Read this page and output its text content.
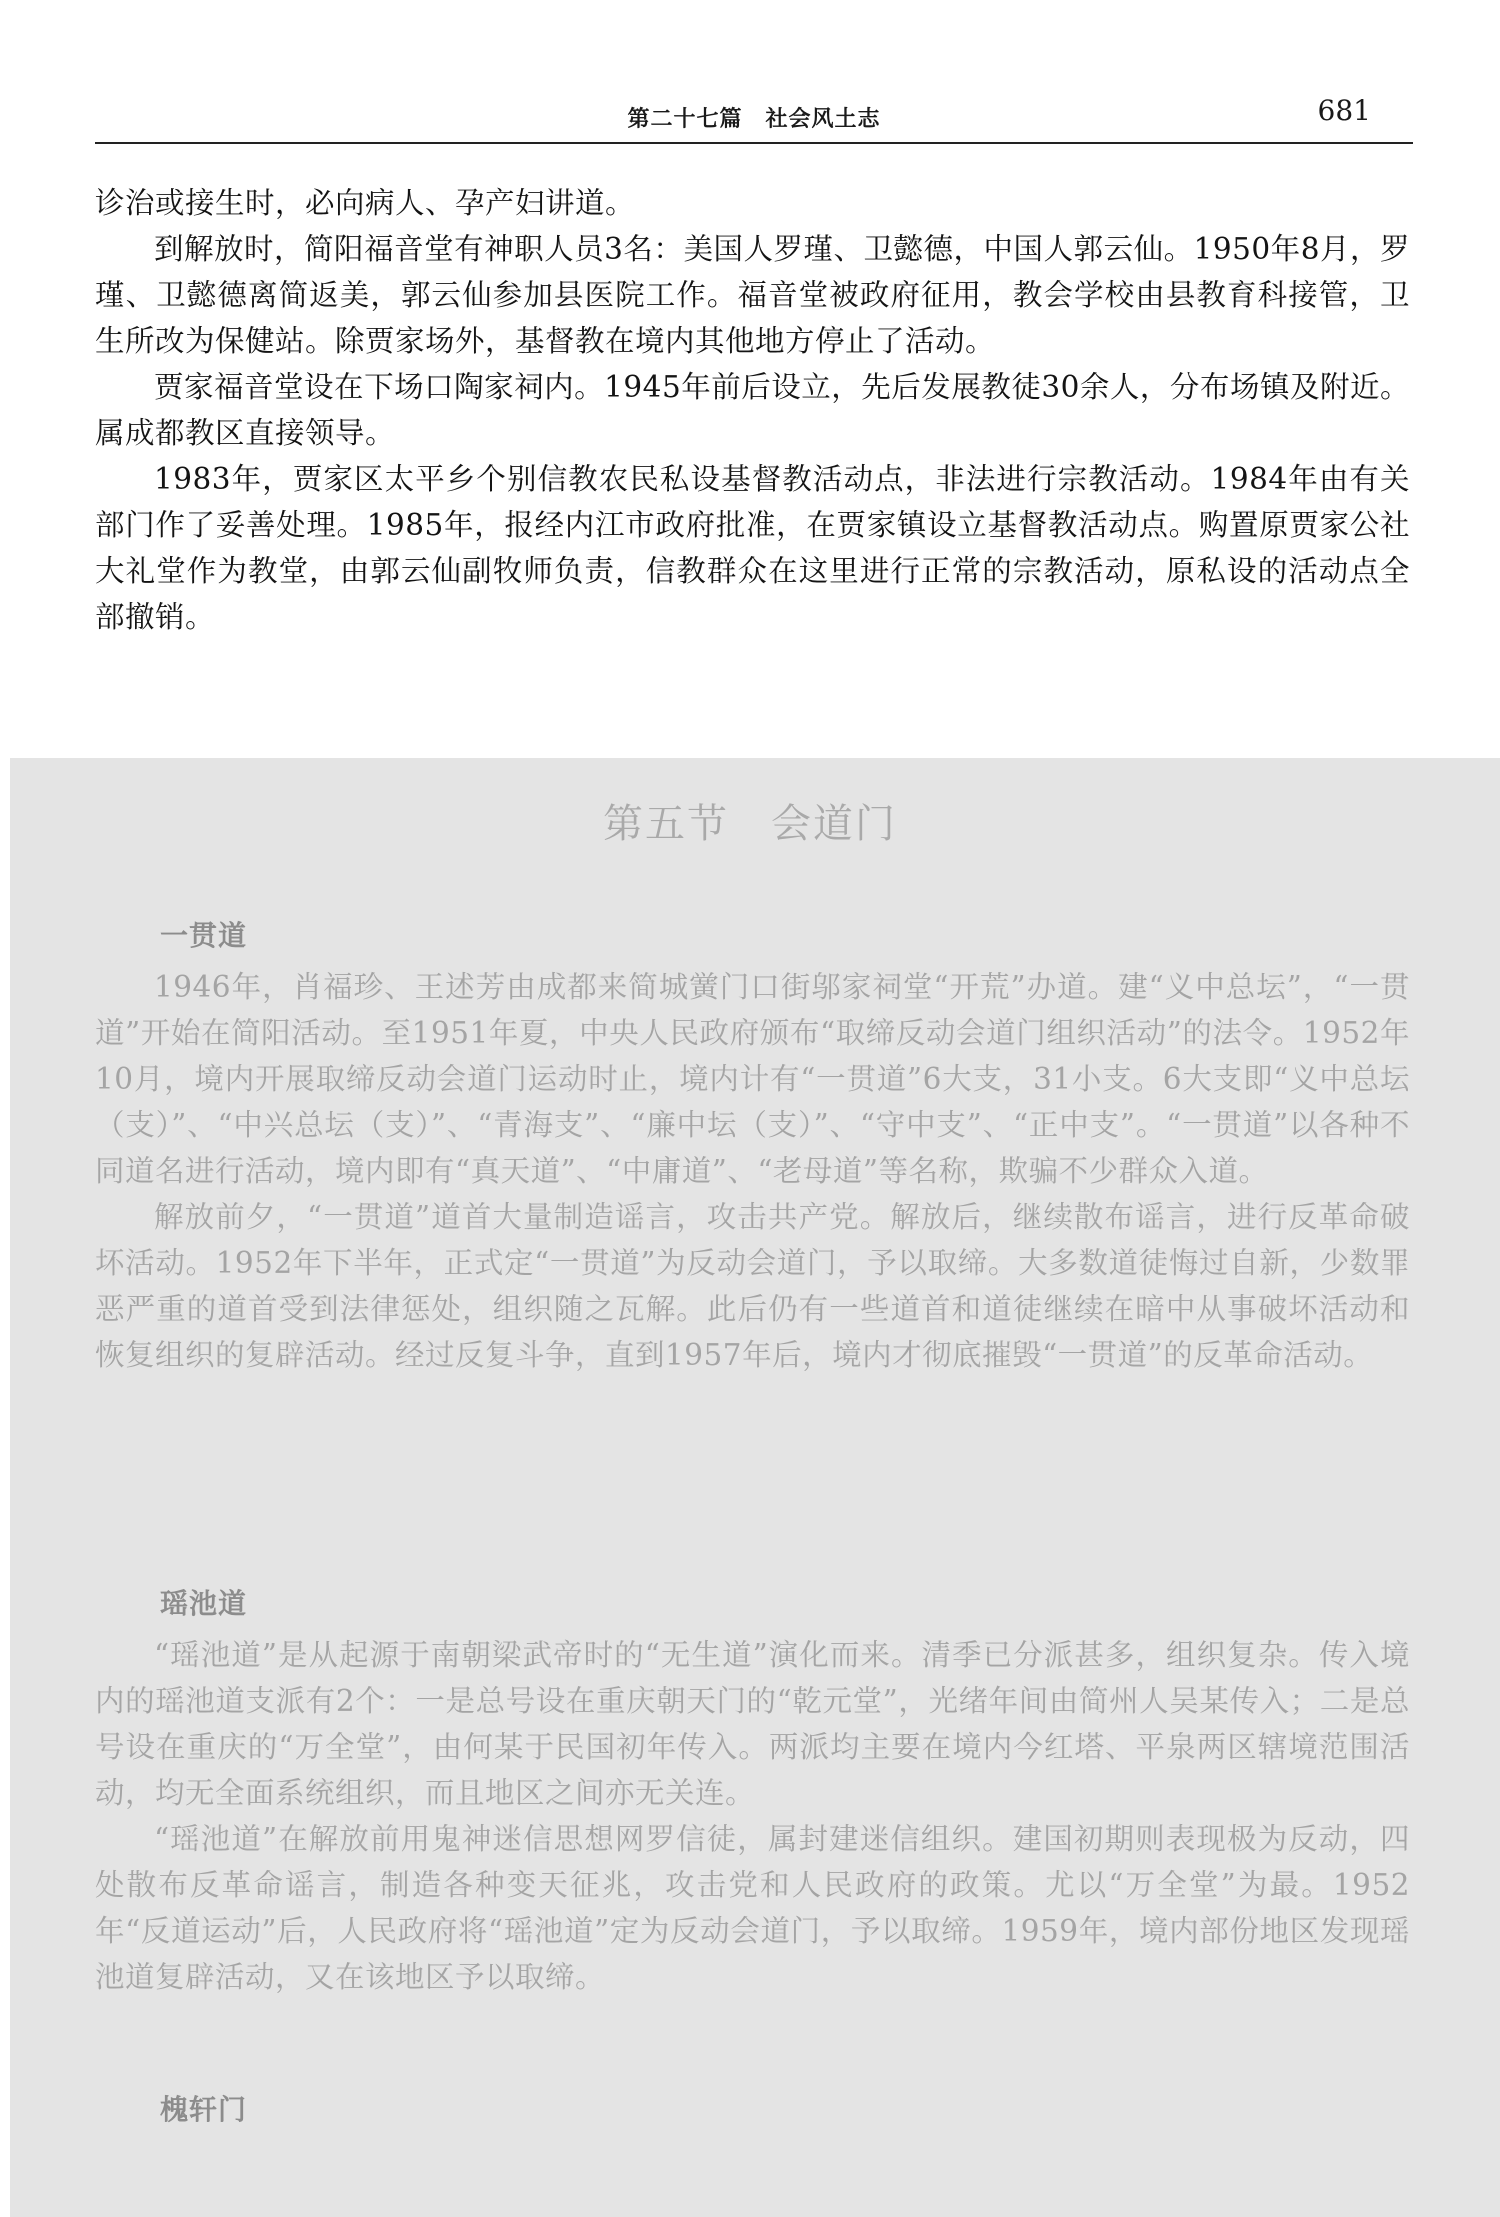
第二十七篇　社会风土志	681

诊治或接生时，必向病人、孕产妇讲道。

到解放时，简阳福音堂有神职人员3名：美国人罗瑾、卫懿德，中国人郭云仙。1950年8月，罗瑾、卫懿德离简返美，郭云仙参加县医院工作。福音堂被政府征用，教会学校由县教育科接管，卫生所改为保健站。除贾家场外，基督教在境内其他地方停止了活动。

贾家福音堂设在下场口陶家祠内。1945年前后设立，先后发展教徒30余人，分布场镇及附近。属成都教区直接领导。

1983年，贾家区太平乡个别信教农民私设基督教活动点，非法进行宗教活动。1984年由有关部门作了妥善处理。1985年，报经内江市政府批准，在贾家镇设立基督教活动点。购置原贾家公社大礼堂作为教堂，由郭云仙副牧师负责，信教群众在这里进行正常的宗教活动，原私设的活动点全部撤销。

第五节　会道门
一贯道

1946年，肖福珍、王述芳由成都来简城黉门口街邬家祠堂“开荒”办道。建“义中总坛”，“一贯道”开始在简阳活动。至1951年夏，中央人民政府颁布“取缔反动会道门组织活动”的法令。1952年10月，境内开展取缔反动会道门运动时止，境内计有“一贯道”6大支，31小支。6大支即“义中总坛（支）”、“中兴总坛（支）”、“青海支”、“廉中坛（支）”、“守中支”、“正中支”。“一贯道”以各种不同道名进行活动，境内即有“真天道”、“中庸道”、“老母道”等名称，欺骗不少群众入道。

解放前夕，“一贯道”道首大量制造谣言，攻击共产党。解放后，继续散布谣言，进行反革命破坏活动。1952年下半年，正式定“一贯道”为反动会道门，予以取缔。大多数道徒悔过自新，少数罪恶严重的道首受到法律惩处，组织随之瓦解。此后仍有一些道首和道徒继续在暗中从事破坏活动和恢复组织的复辟活动。经过反复斗争，直到1957年后，境内才彻底摧毁“一贯道”的反革命活动。

瑶池道

“瑶池道”是从起源于南朝梁武帝时的“无生道”演化而来。清季已分派甚多，组织复杂。传入境内的瑶池道支派有2个：一是总号设在重庆朝天门的“乾元堂”，光绪年间由简州人吴某传入；二是总号设在重庆的“万全堂”，由何某于民国初年传入。两派均主要在境内今红塔、平泉两区辖境范围活动，均无全面系统组织，而且地区之间亦无关连。

“瑶池道”在解放前用鬼神迷信思想网罗信徒，属封建迷信组织。建国初期则表现极为反动，四处散布反革命谣言，制造各种变天征兆，攻击党和人民政府的政策。尤以“万全堂”为最。1952年“反道运动”后，人民政府将“瑶池道”定为反动会道门，予以取缔。1959年，境内部份地区发现瑶池道复辟活动，又在该地区予以取缔。

槐轩门
